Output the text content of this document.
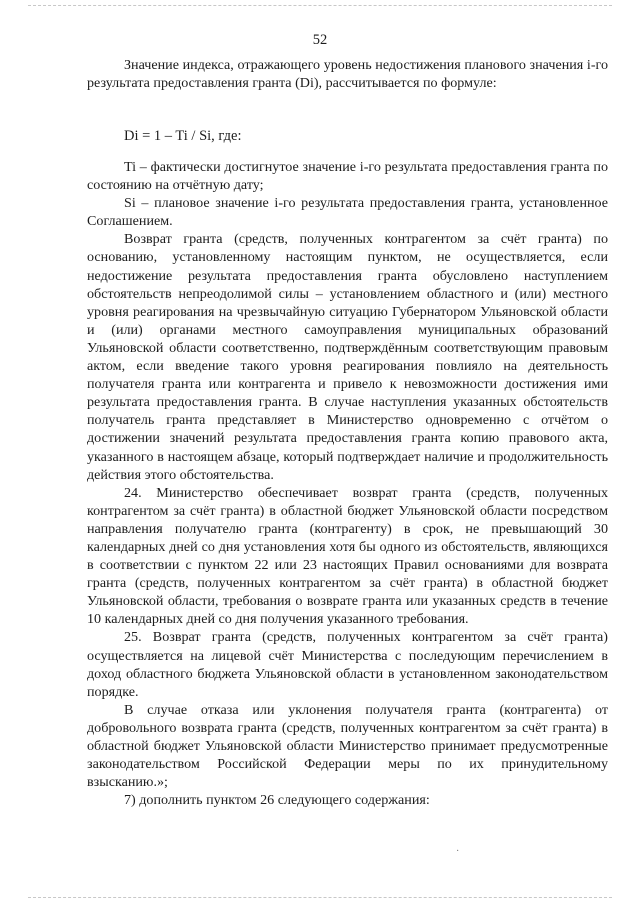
52

Значение индекса, отражающего уровень недостижения планового значения i-го результата предоставления гранта (Di), рассчитывается по формуле:

Di = 1 – Ti / Si, где:

Ti – фактически достигнутое значение i-го результата предоставления гранта по состоянию на отчётную дату;

Si – плановое значение i-го результата предоставления гранта, установленное Соглашением.

Возврат гранта (средств, полученных контрагентом за счёт гранта) по основанию, установленному настоящим пунктом, не осуществляется, если недостижение результата предоставления гранта обусловлено наступлением обстоятельств непреодолимой силы – установлением областного и (или) местного уровня реагирования на чрезвычайную ситуацию Губернатором Ульяновской области и (или) органами местного самоуправления муниципальных образований Ульяновской области соответственно, подтверждённым соответствующим правовым актом, если введение такого уровня реагирования повлияло на деятельность получателя гранта или контрагента и привело к невозможности достижения ими результата предоставления гранта. В случае наступления указанных обстоятельств получатель гранта представляет в Министерство одновременно с отчётом о достижении значений результата предоставления гранта копию правового акта, указанного в настоящем абзаце, который подтверждает наличие и продолжительность действия этого обстоятельства.

24. Министерство обеспечивает возврат гранта (средств, полученных контрагентом за счёт гранта) в областной бюджет Ульяновской области посредством направления получателю гранта (контрагенту) в срок, не превышающий 30 календарных дней со дня установления хотя бы одного из обстоятельств, являющихся в соответствии с пунктом 22 или 23 настоящих Правил основаниями для возврата гранта (средств, полученных контрагентом за счёт гранта) в областной бюджет Ульяновской области, требования о возврате гранта или указанных средств в течение 10 календарных дней со дня получения указанного требования.

25. Возврат гранта (средств, полученных контрагентом за счёт гранта) осуществляется на лицевой счёт Министерства с последующим перечислением в доход областного бюджета Ульяновской области в установленном законодательством порядке.

В случае отказа или уклонения получателя гранта (контрагента) от добровольного возврата гранта (средств, полученных контрагентом за счёт гранта) в областной бюджет Ульяновской области Министерство принимает предусмотренные законодательством Российской Федерации меры по их принудительному взысканию.»;

7) дополнить пунктом 26 следующего содержания:

·
